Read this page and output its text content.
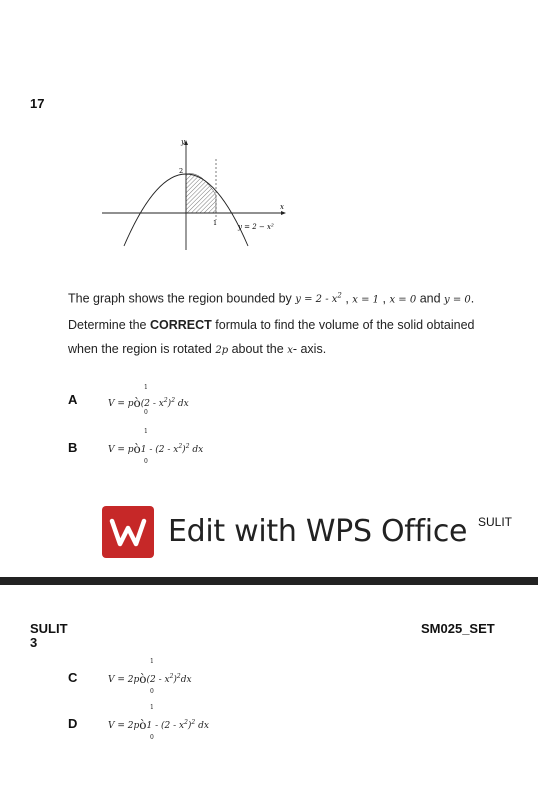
17
y
x
2
1	y = 2 − x²
The graph shows the region bounded by $y = 2 - x^2$ , x = 1 , x = 0 and y = 0. Determine the CORRECT formula to find the volume of the solid obtained when the region is rotated 2p about the x- axis.
A
1
V = pò(2 - $x^2)^2$ dx
0
B
1
V = pò1 - $(2 - x^2)^2$ dx
0
Edit with WPS Office SULIT
SULIT
3
SM025_SET
C
1
V = 2pò(2 - $x^2)^2dx$
0
D
1
V = 2pò1 - $(2 - x^2)^2$ dx
0
